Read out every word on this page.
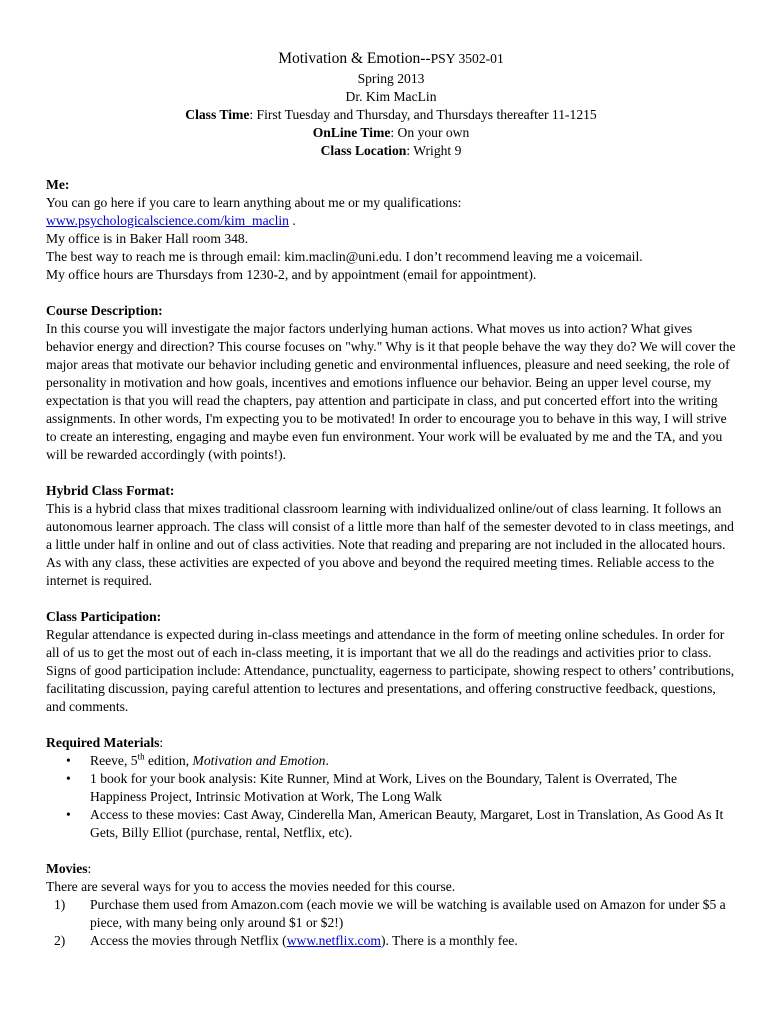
Motivation & Emotion--PSY 3502-01
Spring 2013
Dr. Kim MacLin
Class Time: First Tuesday and Thursday, and Thursdays thereafter 11-1215
OnLine Time: On your own
Class Location: Wright 9
Me:
You can go here if you care to learn anything about me or my qualifications:
www.psychologicalscience.com/kim_maclin .
My office is in Baker Hall room 348.
The best way to reach me is through email: kim.maclin@uni.edu. I don’t recommend leaving me a voicemail.
My office hours are Thursdays from 1230-2, and by appointment (email for appointment).
Course Description:

In this course you will investigate the major factors underlying human actions. What moves us into action? What gives behavior energy and direction? This course focuses on "why." Why is it that people behave the way they do? We will cover the major areas that motivate our behavior including genetic and environmental influences, pleasure and need seeking, the role of personality in motivation and how goals, incentives and emotions influence our behavior. Being an upper level course, my expectation is that you will read the chapters, pay attention and participate in class, and put concerted effort into the writing assignments. In other words, I'm expecting you to be motivated! In order to encourage you to behave in this way, I will strive to create an interesting, engaging and maybe even fun environment. Your work will be evaluated by me and the TA, and you will be rewarded accordingly (with points!).

Hybrid Class Format:

This is a hybrid class that mixes traditional classroom learning with individualized online/out of class learning. It follows an autonomous learner approach. The class will consist of a little more than half of the semester devoted to in class meetings, and a little under half in online and out of class activities. Note that reading and preparing are not included in the allocated hours. As with any class, these activities are expected of you above and beyond the required meeting times. Reliable access to the internet is required.

Class Participation:

Regular attendance is expected during in-class meetings and attendance in the form of meeting online schedules. In order for all of us to get the most out of each in-class meeting, it is important that we all do the readings and activities prior to class. Signs of good participation include: Attendance, punctuality, eagerness to participate, showing respect to others’ contributions, facilitating discussion, paying careful attention to lectures and presentations, and offering constructive feedback, questions, and comments.

Required Materials:
• Reeve, 5th edition, Motivation and Emotion.
• 1 book for your book analysis: Kite Runner, Mind at Work, Lives on the Boundary, Talent is Overrated, The Happiness Project, Intrinsic Motivation at Work, The Long Walk
• Access to these movies: Cast Away, Cinderella Man, American Beauty, Margaret, Lost in Translation, As Good As It Gets, Billy Elliot (purchase, rental, Netflix, etc).
Movies:
There are several ways for you to access the movies needed for this course.
1) Purchase them used from Amazon.com (each movie we will be watching is available used on Amazon for under $5 a piece, with many being only around $1 or $2!)
2) Access the movies through Netflix (www.netflix.com). There is a monthly fee.
